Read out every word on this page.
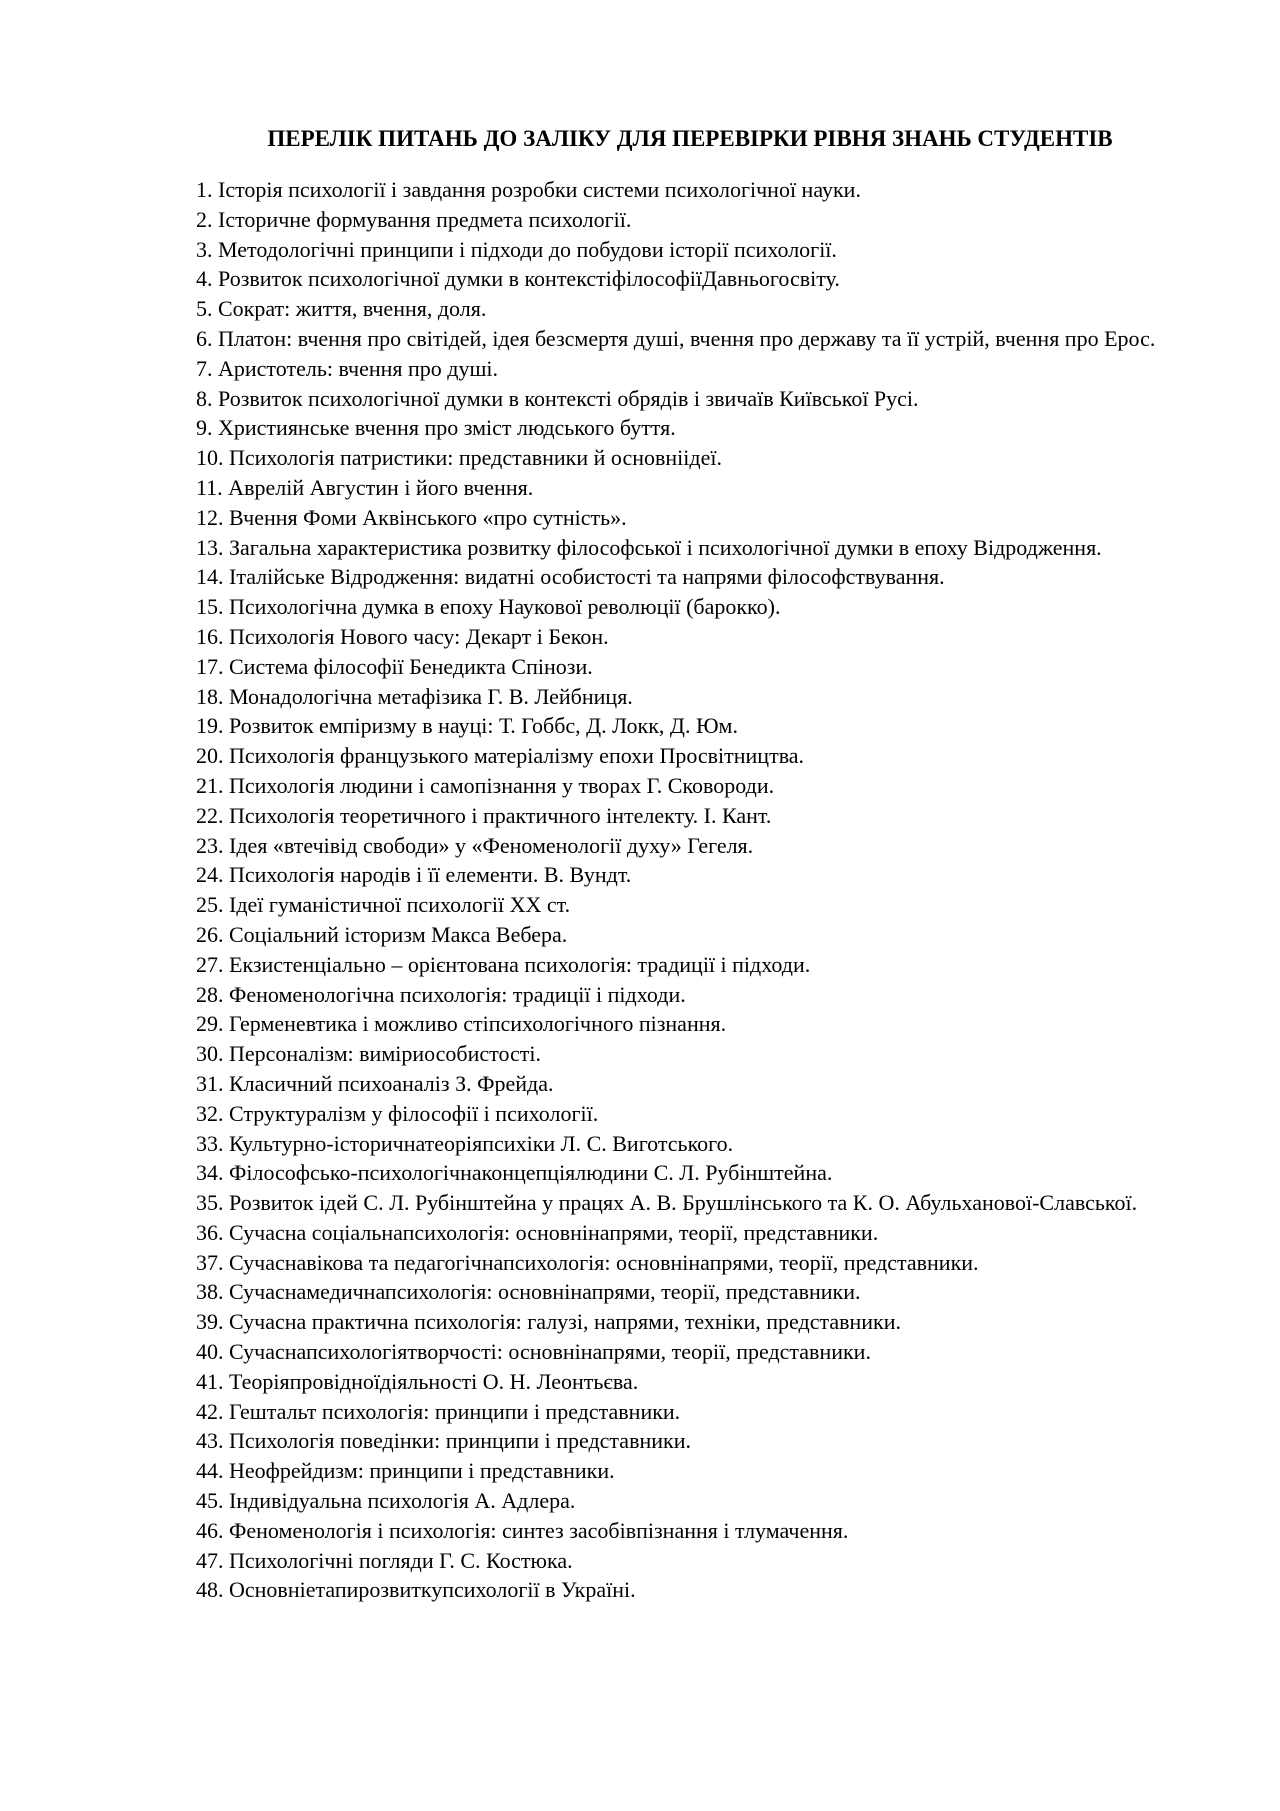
ПЕРЕЛІК ПИТАНЬ ДО ЗАЛІКУ ДЛЯ ПЕРЕВІРКИ РІВНЯ ЗНАНЬ СТУДЕНТІВ
1. Історія психології і завдання розробки системи психологічної науки.
2. Історичне формування предмета психології.
3. Методологічні принципи і підходи до побудови історії психології.
4. Розвиток психологічної думки в контекстіфілософіїДавньогосвіту.
5. Сократ: життя, вчення, доля.
6. Платон: вчення про світідей, ідея безсмертя душі, вчення про державу та її устрій, вчення про Ерос.
7. Аристотель: вчення про душі.
8. Розвиток психологічної думки в контексті обрядів і звичаїв Київської Русі.
9. Християнське вчення про зміст людського буття.
10. Психологія патристики: представники й основніідеї.
11. Аврелій Августин і його вчення.
12. Вчення Фоми Аквінського «про сутність».
13. Загальна характеристика розвитку філософської і психологічної думки в епоху Відродження.
14. Італійське Відродження: видатні особистості та напрями філософствування.
15. Психологічна думка в епоху Наукової революції (барокко).
16. Психологія Нового часу: Декарт і Бекон.
17. Система філософії Бенедикта Спінози.
18. Монадологічна метафізика Г. В. Лейбниця.
19. Розвиток емпіризму в науці: Т. Гоббс, Д. Локк, Д. Юм.
20. Психологія французького матеріалізму епохи Просвітництва.
21. Психологія людини і самопізнання у творах Г. Сковороди.
22. Психологія теоретичного і практичного інтелекту. І. Кант.
23. Ідея «втечівід свободи» у «Феноменології духу» Гегеля.
24. Психологія народів і її елементи. В. Вундт.
25. Ідеї гуманістичної психології ХХ ст.
26. Соціальний історизм Макса Вебера.
27. Екзистенціально – орієнтована психологія: традиції і підходи.
28. Феноменологічна психологія: традиції і підходи.
29. Герменевтика і можливо стіпсихологічного пізнання.
30. Персоналізм: виміриособистості.
31. Класичний психоаналіз З. Фрейда.
32. Структуралізм у філософії і психології.
33. Культурно-історичнатеоріяпсихіки Л. С. Виготського.
34. Філософсько-психологічнаконцепціялюдини С. Л. Рубінштейна.
35. Розвиток ідей С. Л. Рубінштейна у працях А. В. Брушлінського та К. О. Абульханової-Славської.
36. Сучасна соціальнапсихологія: основнінапрями, теорії, представники.
37. Сучаснавікова та педагогічнапсихологія: основнінапрями, теорії, представники.
38. Сучаснамедичнапсихологія: основнінапрями, теорії, представники.
39. Сучасна практична психологія: галузі, напрями, техніки, представники.
40. Сучаснапсихологіятворчості: основнінапрями, теорії, представники.
41. Теоріяпровідноїдіяльності О. Н. Леонтьєва.
42. Гештальт психологія: принципи і представники.
43. Психологія поведінки: принципи і представники.
44. Неофрейдизм: принципи і представники.
45. Індивідуальна психологія А. Адлера.
46. Феноменологія і психологія: синтез засобівпізнання і тлумачення.
47. Психологічні погляди Г. С. Костюка.
48. Основніетапирозвиткупсихології в Україні.
